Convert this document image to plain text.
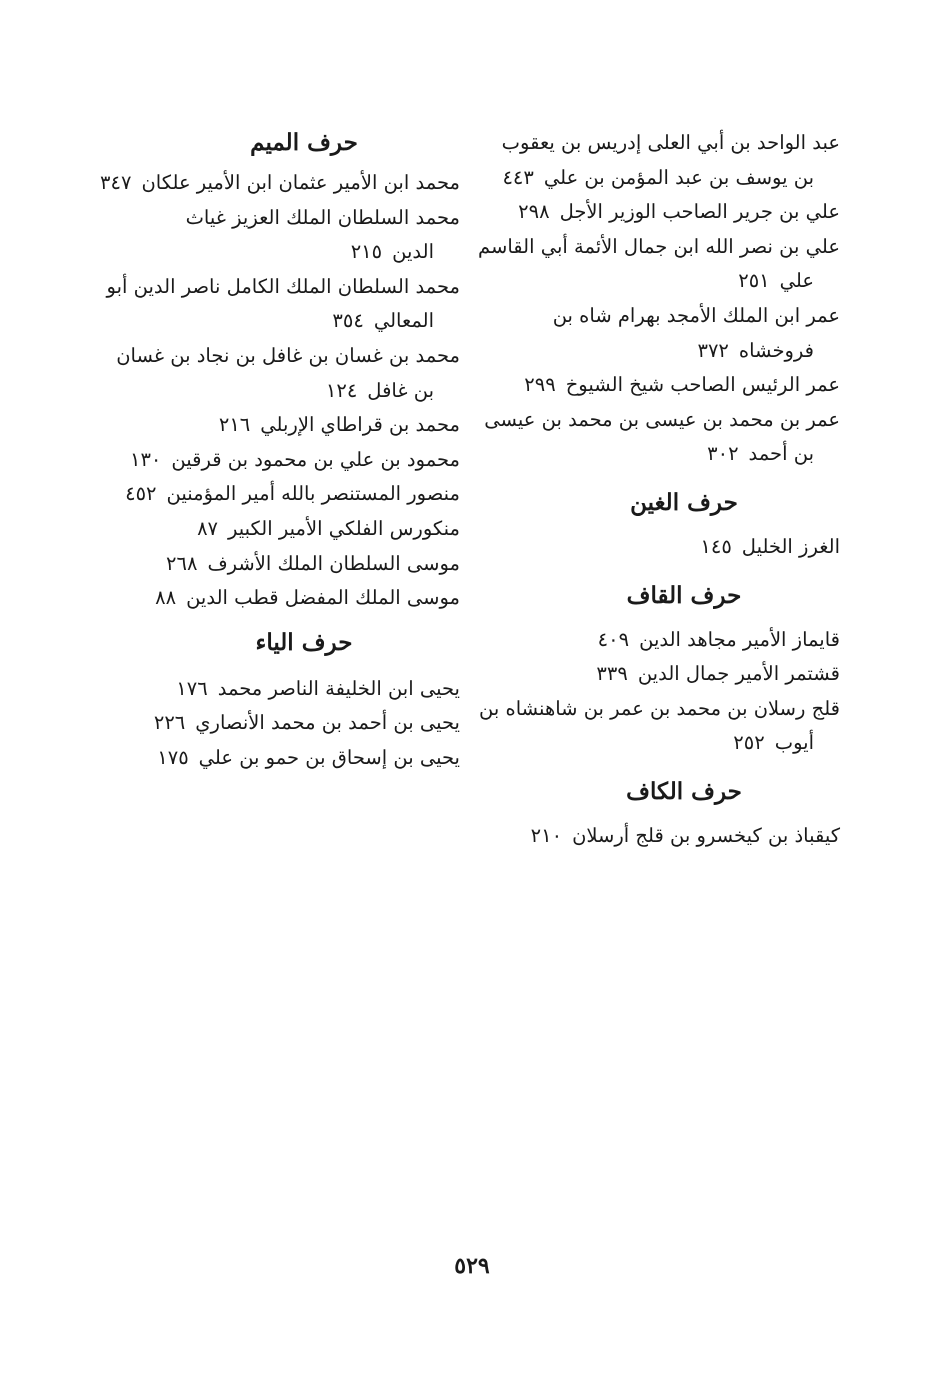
عبد الواحد بن أبي العلى إدريس بن يعقوب بن يوسف بن عبد المؤمن بن علي٤٤٣
علي بن جرير الصاحب الوزير الأجل٢٩٨
علي بن نصر الله ابن جمال الأئمة أبي القاسم علي٢٥١
عمر ابن الملك الأمجد بهرام شاه بن فروخشاه٣٧٢
عمر الرئيس الصاحب شيخ الشيوخ٢٩٩
عمر بن محمد بن عيسى بن محمد بن عيسى بن أحمد٣٠٢
حرف الغين
الغرز الخليل١٤٥
حرف القاف
قايماز الأمير مجاهد الدين٤٠٩
قشتمر الأمير جمال الدين٣٣٩
قلج رسلان بن محمد بن عمر بن شاهنشاه بن أيوب٢٥٢
حرف الكاف
كيقباذ بن كيخسرو بن قلج أرسلان٢١٠
حرف الميم
محمد ابن الأمير عثمان ابن الأمير علكان٣٤٧
محمد السلطان الملك العزيز غياث الدين٢١٥
محمد السلطان الملك الكامل ناصر الدين أبو المعالي٣٥٤
محمد بن غسان بن غافل بن نجاد بن غسان بن غافل١٢٤
محمد بن قراطاي الإربلي٢١٦
محمود بن علي بن محمود بن قرقين١٣٠
منصور المستنصر بالله أمير المؤمنين٤٥٢
منكورس الفلكي الأمير الكبير٨٧
موسى السلطان الملك الأشرف٢٦٨
موسى الملك المفضل قطب الدين٨٨
حرف الياء
يحيى ابن الخليفة الناصر محمد١٧٦
يحيى بن أحمد بن محمد الأنصاري٢٢٦
يحيى بن إسحاق بن حمو بن علي١٧٥
٥٢٩
